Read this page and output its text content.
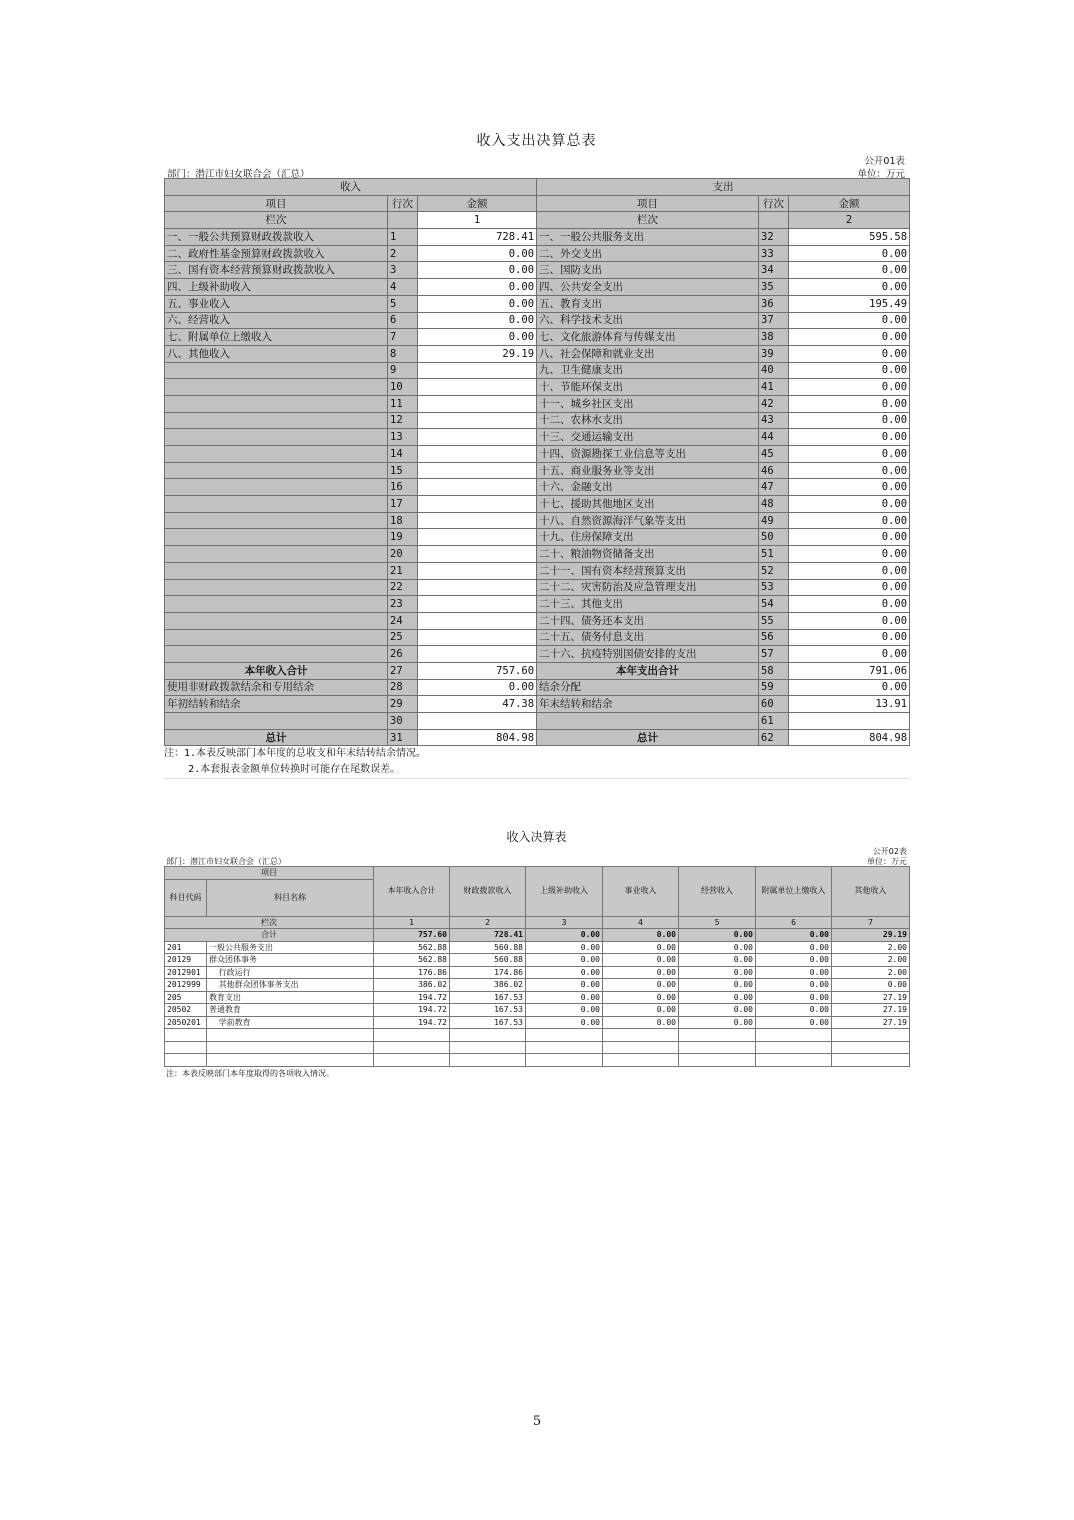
收入支出决算总表
公开01表
部门：潜江市妇女联合会（汇总）	单位：万元
收入			支出		
项目	行次	金额	项目	行次	金额
栏次		1	栏次		2
一、一般公共预算财政拨款收入	1	728.41	一、一般公共服务支出	32	595.58
二、政府性基金预算财政拨款收入	2	0.00	二、外交支出	33	0.00
三、国有资本经营预算财政拨款收入	3	0.00	三、国防支出	34	0.00
四、上级补助收入	4	0.00	四、公共安全支出	35	0.00
五、事业收入	5	0.00	五、教育支出	36	195.49
六、经营收入	6	0.00	六、科学技术支出	37	0.00
七、附属单位上缴收入	7	0.00	七、文化旅游体育与传媒支出	38	0.00
八、其他收入	8	29.19	八、社会保障和就业支出	39	0.00
	9		九、卫生健康支出	40	0.00
	10		十、节能环保支出	41	0.00
	11		十一、城乡社区支出	42	0.00
	12		十二、农林水支出	43	0.00
	13		十三、交通运输支出	44	0.00
	14		十四、资源勘探工业信息等支出	45	0.00
	15		十五、商业服务业等支出	46	0.00
	16		十六、金融支出	47	0.00
	17		十七、援助其他地区支出	48	0.00
	18		十八、自然资源海洋气象等支出	49	0.00
	19		十九、住房保障支出	50	0.00
	20		二十、粮油物资储备支出	51	0.00
	21		二十一、国有资本经营预算支出	52	0.00
	22		二十二、灾害防治及应急管理支出	53	0.00
	23		二十三、其他支出	54	0.00
	24		二十四、债务还本支出	55	0.00
	25		二十五、债务付息支出	56	0.00
	26		二十六、抗疫特别国债安排的支出	57	0.00
本年收入合计	27	757.60	本年支出合计	58	791.06
使用非财政拨款结余和专用结余	28	0.00	结余分配	59	0.00
年初结转和结余	29	47.38	年末结转和结余	60	13.91
	30			61	
总计	31	804.98	总计	62	804.98
注：1.本表反映部门本年度的总收支和年末结转结余情况。
2.本套报表金额单位转换时可能存在尾数误差。
收入决算表
公开02表
部门：潜江市妇女联合会（汇总）	单位：万元
项目		本年收入合计	财政拨款收入	上级补助收入	事业收入	经营收入	附属单位上缴收入	其他收入
科目代码	科目名称							
栏次		1	2	3	4	5	6	7
合计		757.60	728.41	0.00	0.00	0.00	0.00	29.19
201	一般公共服务支出	562.88	560.88	0.00	0.00	0.00	0.00	2.00
20129	群众团体事务	562.88	560.88	0.00	0.00	0.00	0.00	2.00
2012901	行政运行	176.86	174.86	0.00	0.00	0.00	0.00	2.00
2012999	其他群众团体事务支出	386.02	386.02	0.00	0.00	0.00	0.00	0.00
205	教育支出	194.72	167.53	0.00	0.00	0.00	0.00	27.19
20502	普通教育	194.72	167.53	0.00	0.00	0.00	0.00	27.19
2050201	学前教育	194.72	167.53	0.00	0.00	0.00	0.00	27.19

注：本表反映部门本年度取得的各项收入情况。
5
